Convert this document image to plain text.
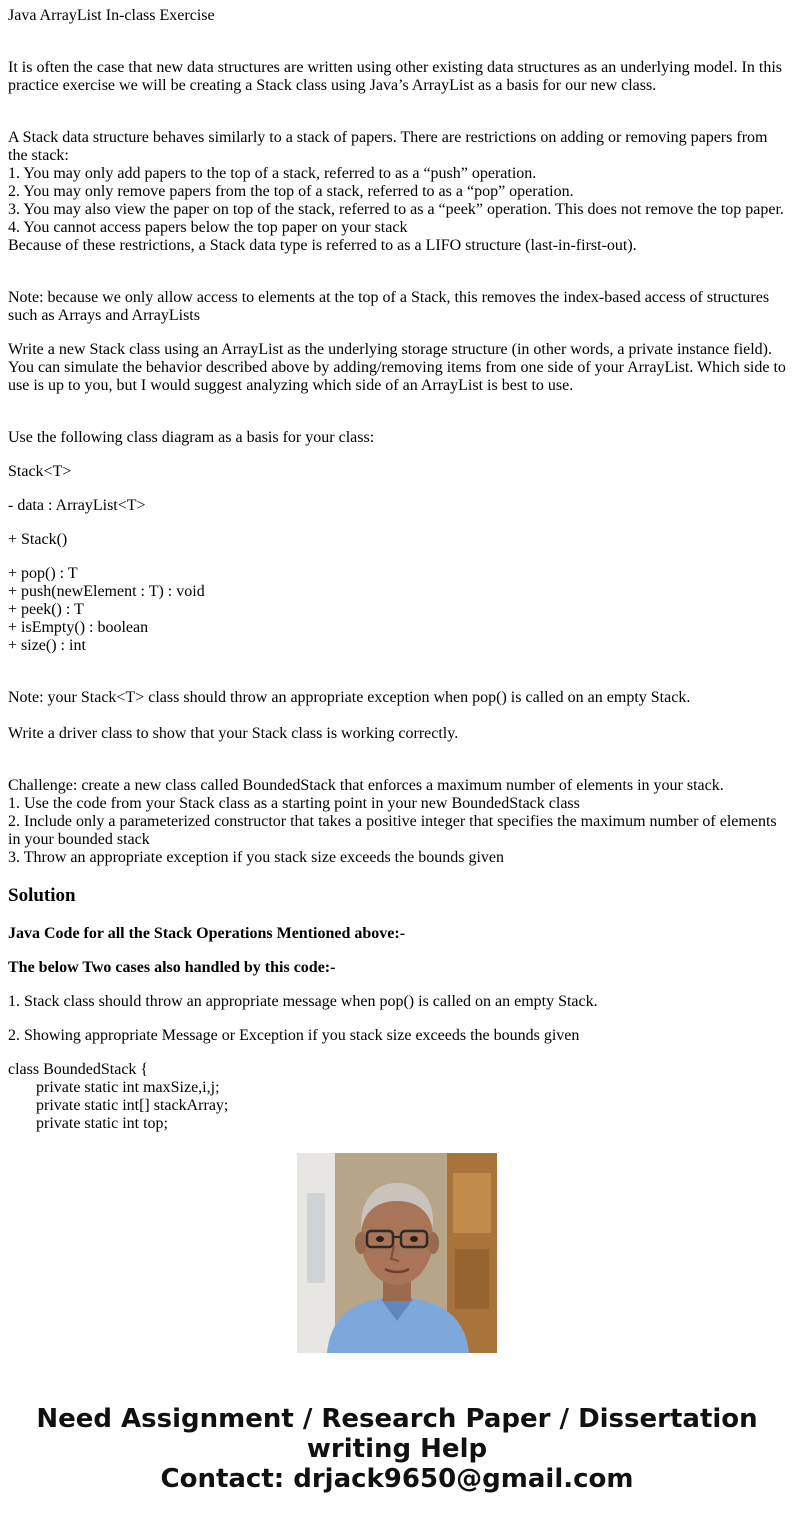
Java ArrayList In-class Exercise

It is often the case that new data structures are written using other existing data structures as an underlying model. In this practice exercise we will be creating a Stack class using Java’s ArrayList as a basis for our new class.

A Stack data structure behaves similarly to a stack of papers. There are restrictions on adding or removing papers from the stack:
1. You may only add papers to the top of a stack, referred to as a “push” operation.
2. You may only remove papers from the top of a stack, referred to as a “pop” operation.
3. You may also view the paper on top of the stack, referred to as a “peek” operation. This does not remove the top paper.
4. You cannot access papers below the top paper on your stack
Because of these restrictions, a Stack data type is referred to as a LIFO structure (last-in-first-out).

Note: because we only allow access to elements at the top of a Stack, this removes the index-based access of structures such as Arrays and ArrayLists

Write a new Stack class using an ArrayList as the underlying storage structure (in other words, a private instance field). You can simulate the behavior described above by adding/removing items from one side of your ArrayList. Which side to use is up to you, but I would suggest analyzing which side of an ArrayList is best to use.

Use the following class diagram as a basis for your class:

Stack<T>

- data : ArrayList<T>

+ Stack()

+ pop() : T
+ push(newElement : T) : void
+ peek() : T
+ isEmpty() : boolean
+ size() : int

Note: your Stack<T> class should throw an appropriate exception when pop() is called on an empty Stack.

Write a driver class to show that your Stack class is working correctly.

Challenge: create a new class called BoundedStack that enforces a maximum number of elements in your stack.
1. Use the code from your Stack class as a starting point in your new BoundedStack class
2. Include only a parameterized constructor that takes a positive integer that specifies the maximum number of elements in your bounded stack
3. Throw an appropriate exception if you stack size exceeds the bounds given

Solution

Java Code for all the Stack Operations Mentioned above:-

The below Two cases also handled by this code:-

1. Stack class should throw an appropriate message when pop() is called on an empty Stack.

2. Showing appropriate Message or Exception if you stack size exceeds the bounds given

class BoundedStack {
private static int maxSize,i,j;
private static int[] stackArray;
private static int top;

Need Assignment / Research Paper / Dissertation
writing Help
Contact: drjack9650@gmail.com
